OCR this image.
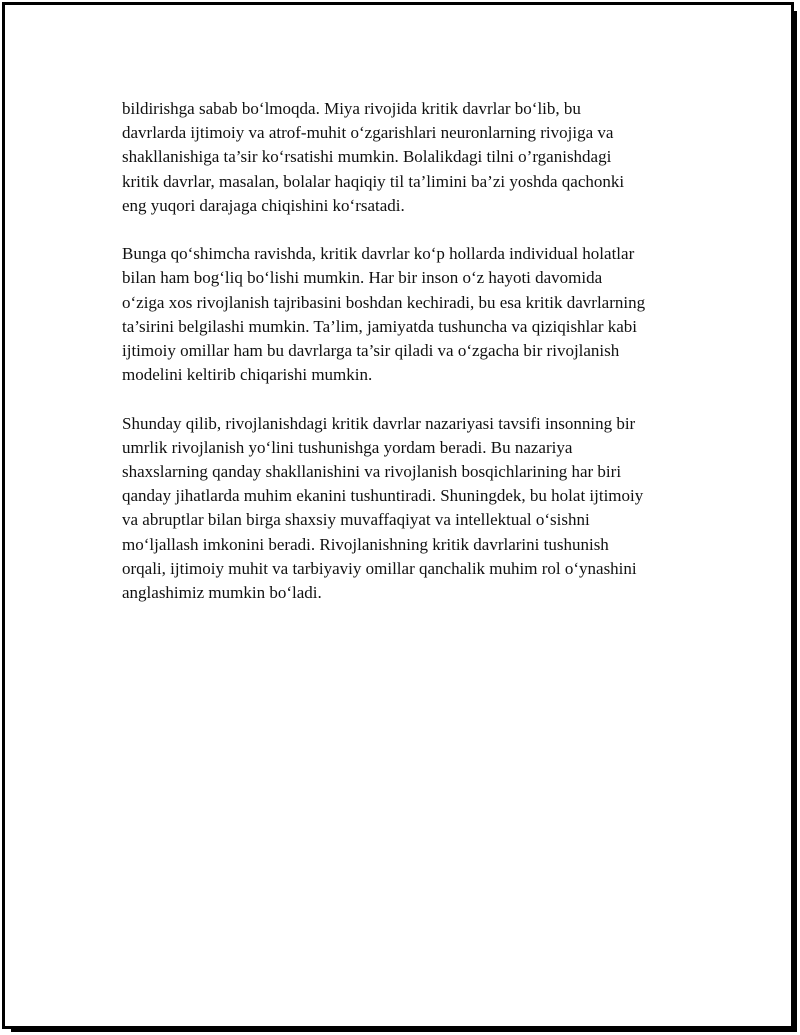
bildirishga sabab bo‘lmoqda. Miya rivojida kritik davrlar bo‘lib, bu
davrlarda ijtimoiy va atrof-muhit o‘zgarishlari neuronlarning rivojiga va
shakllanishiga ta’sir ko‘rsatishi mumkin. Bolalikdagi tilni o’rganishdagi
kritik davrlar, masalan, bolalar haqiqiy til ta’limini ba’zi yoshda qachonki
eng yuqori darajaga chiqishini ko‘rsatadi.

Bunga qo‘shimcha ravishda, kritik davrlar ko‘p hollarda individual holatlar
bilan ham bog‘liq bo‘lishi mumkin. Har bir inson o‘z hayoti davomida
o‘ziga xos rivojlanish tajribasini boshdan kechiradi, bu esa kritik davrlarning
ta’sirini belgilashi mumkin. Ta’lim, jamiyatda tushuncha va qiziqishlar kabi
ijtimoiy omillar ham bu davrlarga ta’sir qiladi va o‘zgacha bir rivojlanish
modelini keltirib chiqarishi mumkin.

Shunday qilib, rivojlanishdagi kritik davrlar nazariyasi tavsifi insonning bir
umrlik rivojlanish yo‘lini tushunishga yordam beradi. Bu nazariya
shaxslarning qanday shakllanishini va rivojlanish bosqichlarining har biri
qanday jihatlarda muhim ekanini tushuntiradi. Shuningdek, bu holat ijtimoiy
va abruptlar bilan birga shaxsiy muvaffaqiyat va intellektual o‘sishni
mo‘ljallash imkonini beradi. Rivojlanishning kritik davrlarini tushunish
orqali, ijtimoiy muhit va tarbiyaviy omillar qanchalik muhim rol o‘ynashini
anglashimiz mumkin bo‘ladi.
